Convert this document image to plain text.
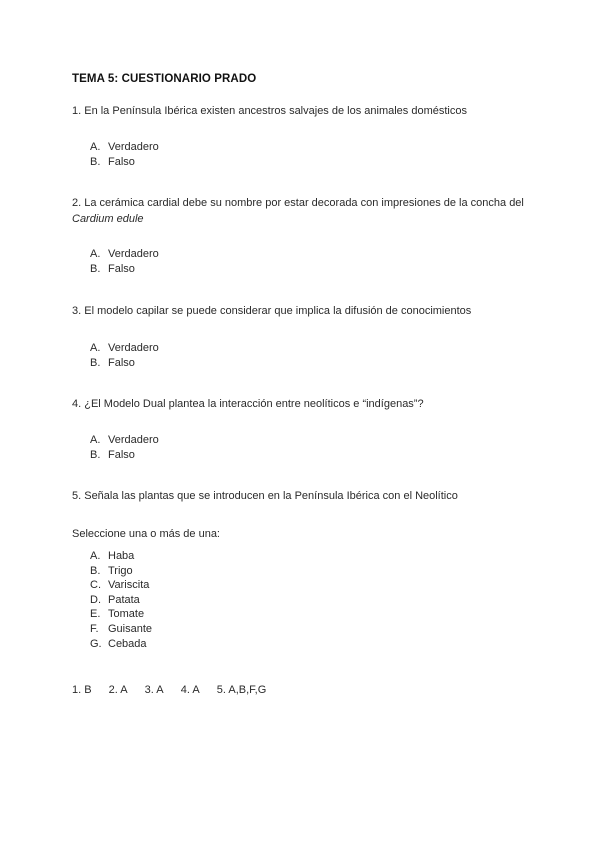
TEMA 5: CUESTIONARIO PRADO

1. En la Península Ibérica existen ancestros salvajes de los animales domésticos

A. Verdadero
B. Falso

2. La cerámica cardial debe su nombre por estar decorada con impresiones de la concha del Cardium edule

A. Verdadero
B. Falso

3. El modelo capilar se puede considerar que implica la difusión de conocimientos

A. Verdadero
B. Falso

4. ¿El Modelo Dual plantea la interacción entre neolíticos e “indígenas”?

A. Verdadero
B. Falso

5. Señala las plantas que se introducen en la Península Ibérica con el Neolítico

Seleccione una o más de una:

A. Haba
B. Trigo
C. Variscita
D. Patata
E. Tomate
F. Guisante
G. Cebada
1. B 2. A 3. A 4. A 5. A,B,F,G
